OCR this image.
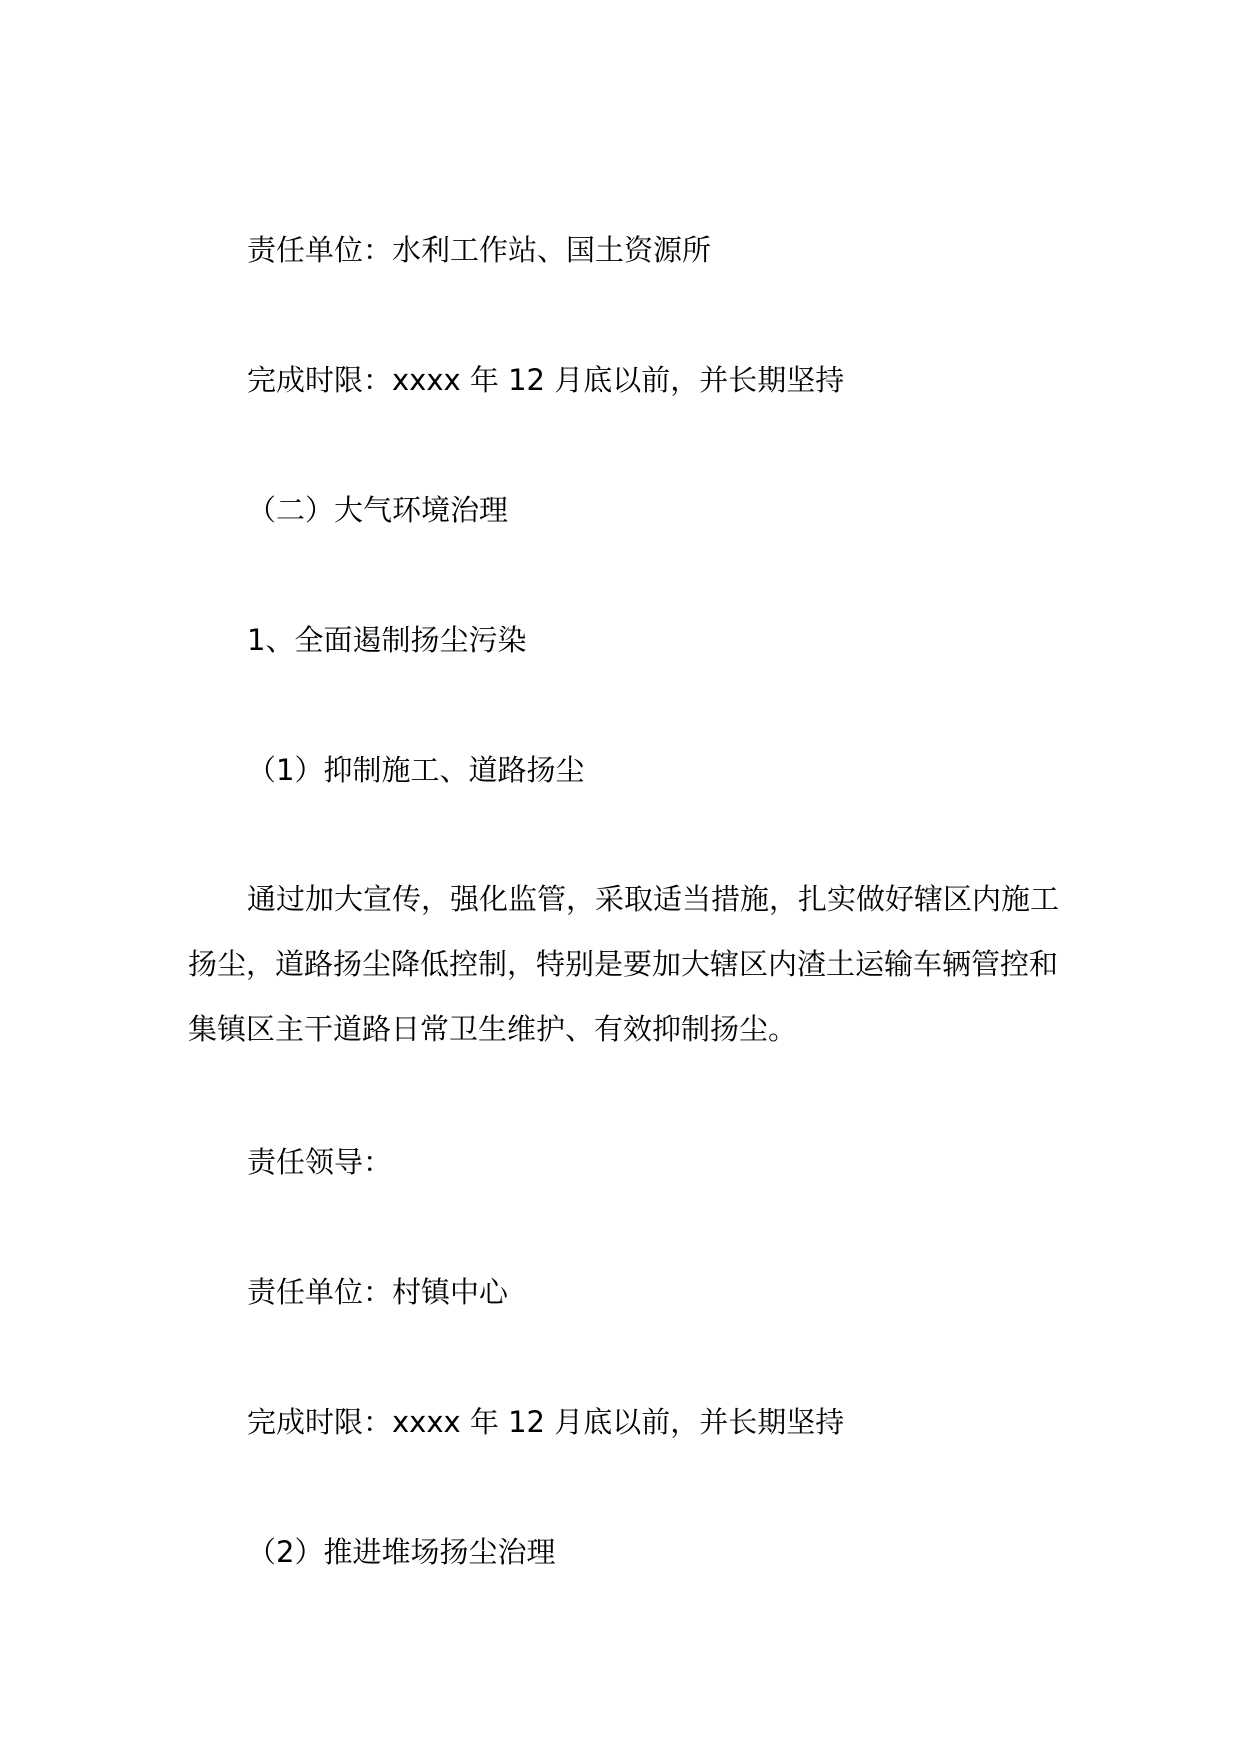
责任单位：水利工作站、国土资源所
完成时限：xxxx 年 12 月底以前，并长期坚持
（二）大气环境治理
1、全面遏制扬尘污染
（1）抑制施工、道路扬尘
通过加大宣传，强化监管，采取适当措施，扎实做好辖区内施工
扬尘，道路扬尘降低控制，特别是要加大辖区内渣土运输车辆管控和
集镇区主干道路日常卫生维护、有效抑制扬尘。
责任领导：
责任单位：村镇中心
完成时限：xxxx 年 12 月底以前，并长期坚持
（2）推进堆场扬尘治理
